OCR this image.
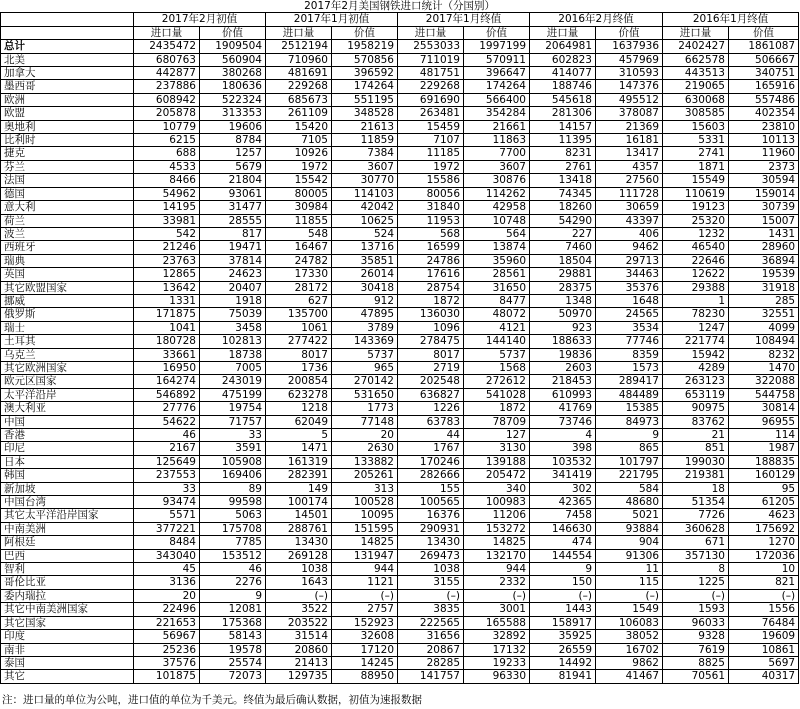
2017年2月美国钢铁进口统计（分国别）										
	2017年2月初值		2017年1月初值		2017年1月终值		2016年2月终值		2016年1月终值	
	进口量	价值	进口量	价值	进口量	价值	进口量	价值	进口量	价值
总计	2435472	1909504	2512194	1958219	2553033	1997199	2064981	1637936	2402427	1861087
北美	680763	560904	710960	570856	711019	570911	602823	457969	662578	506667
加拿大	442877	380268	481691	396592	481751	396647	414077	310593	443513	340751
墨西哥	237886	180636	229268	174264	229268	174264	188746	147376	219065	165916
欧洲	608942	522324	685673	551195	691690	566400	545618	495512	630068	557486
欧盟	205878	313353	261109	348528	263481	354284	281306	378087	308585	402354
奥地利	10779	19606	15420	21613	15459	21661	14157	21369	15603	23810
比利时	6215	8784	7105	11859	7107	11863	11395	16181	5331	10113
捷克	688	1257	10926	7384	11185	7700	8231	13417	2741	11960
芬兰	4533	5679	1972	3607	1972	3607	2761	4357	1871	2373
法国	8466	21804	15542	30770	15586	30876	13418	27560	15549	30594
德国	54962	93061	80005	114103	80056	114262	74345	111728	110619	159014
意大利	14195	31477	30984	42042	31840	42958	18260	30659	19123	30739
荷兰	33981	28555	11855	10625	11953	10748	54290	43397	25320	15007
波兰	542	817	548	524	568	564	227	406	1232	1431
西班牙	21246	19471	16467	13716	16599	13874	7460	9462	46540	28960
瑞典	23763	37814	24782	35851	24786	35960	18504	29713	22646	36894
英国	12865	24623	17330	26014	17616	28561	29881	34463	12622	19539
其它欧盟国家	13642	20407	28172	30418	28754	31650	28375	35376	29388	31918
挪威	1331	1918	627	912	1872	8477	1348	1648	1	285
俄罗斯	171875	75039	135700	47895	136030	48072	50970	24565	78230	32551
瑞士	1041	3458	1061	3789	1096	4121	923	3534	1247	4099
土耳其	180728	102813	277422	143369	278475	144140	188633	77746	221774	108494
乌克兰	33661	18738	8017	5737	8017	5737	19836	8359	15942	8232
其它欧洲国家	16950	7005	1736	965	2719	1568	2603	1573	4289	1470
欧元区国家	164274	243019	200854	270142	202548	272612	218453	289417	263123	322088
太平洋沿岸	546892	475199	623278	531650	636827	541028	610993	484489	653119	544758
澳大利亚	27776	19754	1218	1773	1226	1872	41769	15385	90975	30814
中国	54622	71757	62049	77148	63783	78709	73746	84973	83762	96955
香港	46	33	5	20	44	127	4	9	21	114
印尼	2167	3591	1471	2630	1767	3130	398	865	851	1987
日本	125649	105908	161319	133882	170246	139188	103532	101797	199030	188835
韩国	237553	169406	282391	205261	282666	205472	341419	221795	219381	160129
新加坡	33	89	149	313	155	340	302	584	18	95
中国台湾	93474	99598	100174	100528	100565	100983	42365	48680	51354	61205
其它太平洋沿岸国家	5571	5063	14501	10095	16376	11206	7458	5021	7726	4623
中南美洲	377221	175708	288761	151595	290931	153272	146630	93884	360628	175692
阿根廷	8484	7785	13430	14825	13430	14825	474	904	671	1270
巴西	343040	153512	269128	131947	269473	132170	144554	91306	357130	172036
智利	45	46	1038	944	1038	944	9	11	8	10
哥伦比亚	3136	2276	1643	1121	3155	2332	150	115	1225	821
委内瑞拉	20	9	(–)	(–)	(–)	(–)	(–)	(–)	(–)	(–)
其它中南美洲国家	22496	12081	3522	2757	3835	3001	1443	1549	1593	1556
其它国家	221653	175368	203522	152923	222565	165588	158917	106083	96033	76484
印度	56967	58143	31514	32608	31656	32892	35925	38052	9328	19609
南非	25236	19578	20860	17120	20867	17132	26559	16702	7619	10861
泰国	37576	25574	21413	14245	28285	19233	14492	9862	8825	5697
其它	101875	72073	129735	88950	141757	96330	81941	41467	70561	40317
注：进口量的单位为公吨，进口值的单位为千美元。终值为最后确认数据，初值为速报数据
